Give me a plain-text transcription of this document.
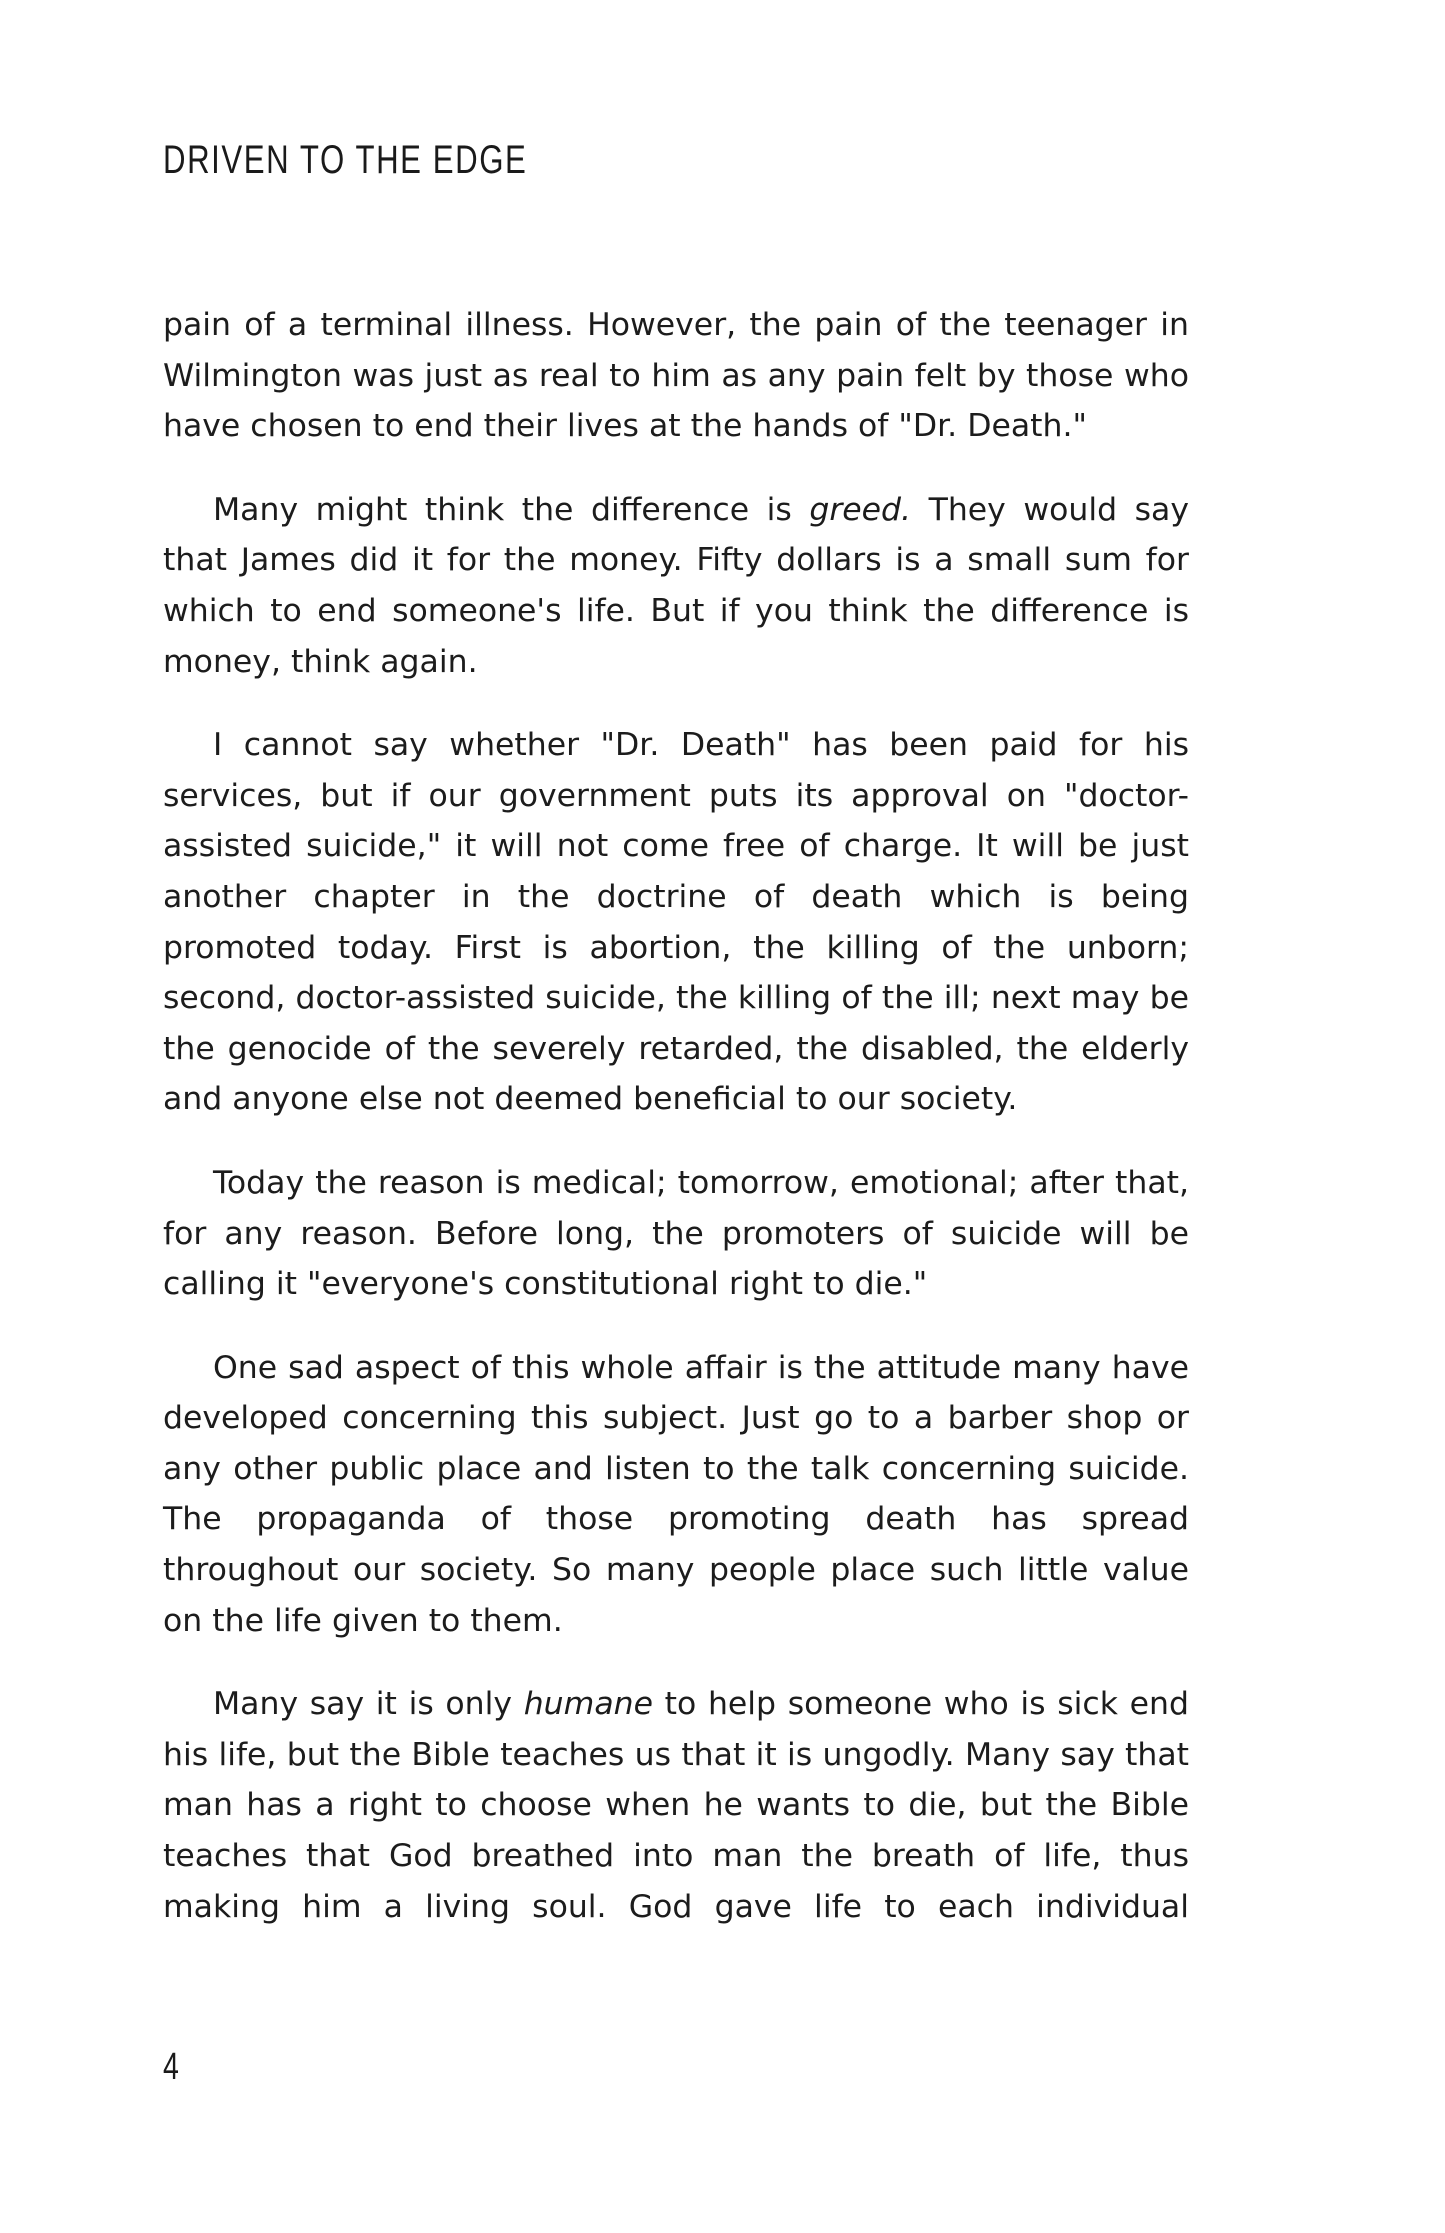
DRIVEN TO THE EDGE

pain of a terminal illness. However, the pain of the teenager in Wilmington was just as real to him as any pain felt by those who have chosen to end their lives at the hands of "Dr. Death."

Many might think the difference is greed. They would say that James did it for the money. Fifty dollars is a small sum for which to end someone's life. But if you think the difference is money, think again.

I cannot say whether "Dr. Death" has been paid for his services, but if our government puts its approval on "doctor-assisted suicide," it will not come free of charge. It will be just another chapter in the doctrine of death which is being promoted today. First is abortion, the killing of the unborn; second, doctor-assisted suicide, the killing of the ill; next may be the genocide of the severely retarded, the disabled, the elderly and anyone else not deemed beneficial to our society.

Today the reason is medical; tomorrow, emotional; after that, for any reason. Before long, the promoters of suicide will be calling it "everyone's constitutional right to die."

One sad aspect of this whole affair is the attitude many have developed concerning this subject. Just go to a barber shop or any other public place and listen to the talk concerning suicide. The propaganda of those promoting death has spread throughout our society. So many people place such little value on the life given to them.

Many say it is only humane to help someone who is sick end his life, but the Bible teaches us that it is ungodly. Many say that man has a right to choose when he wants to die, but the Bible teaches that God breathed into man the breath of life, thus making him a living soul. God gave life to each individual

4
